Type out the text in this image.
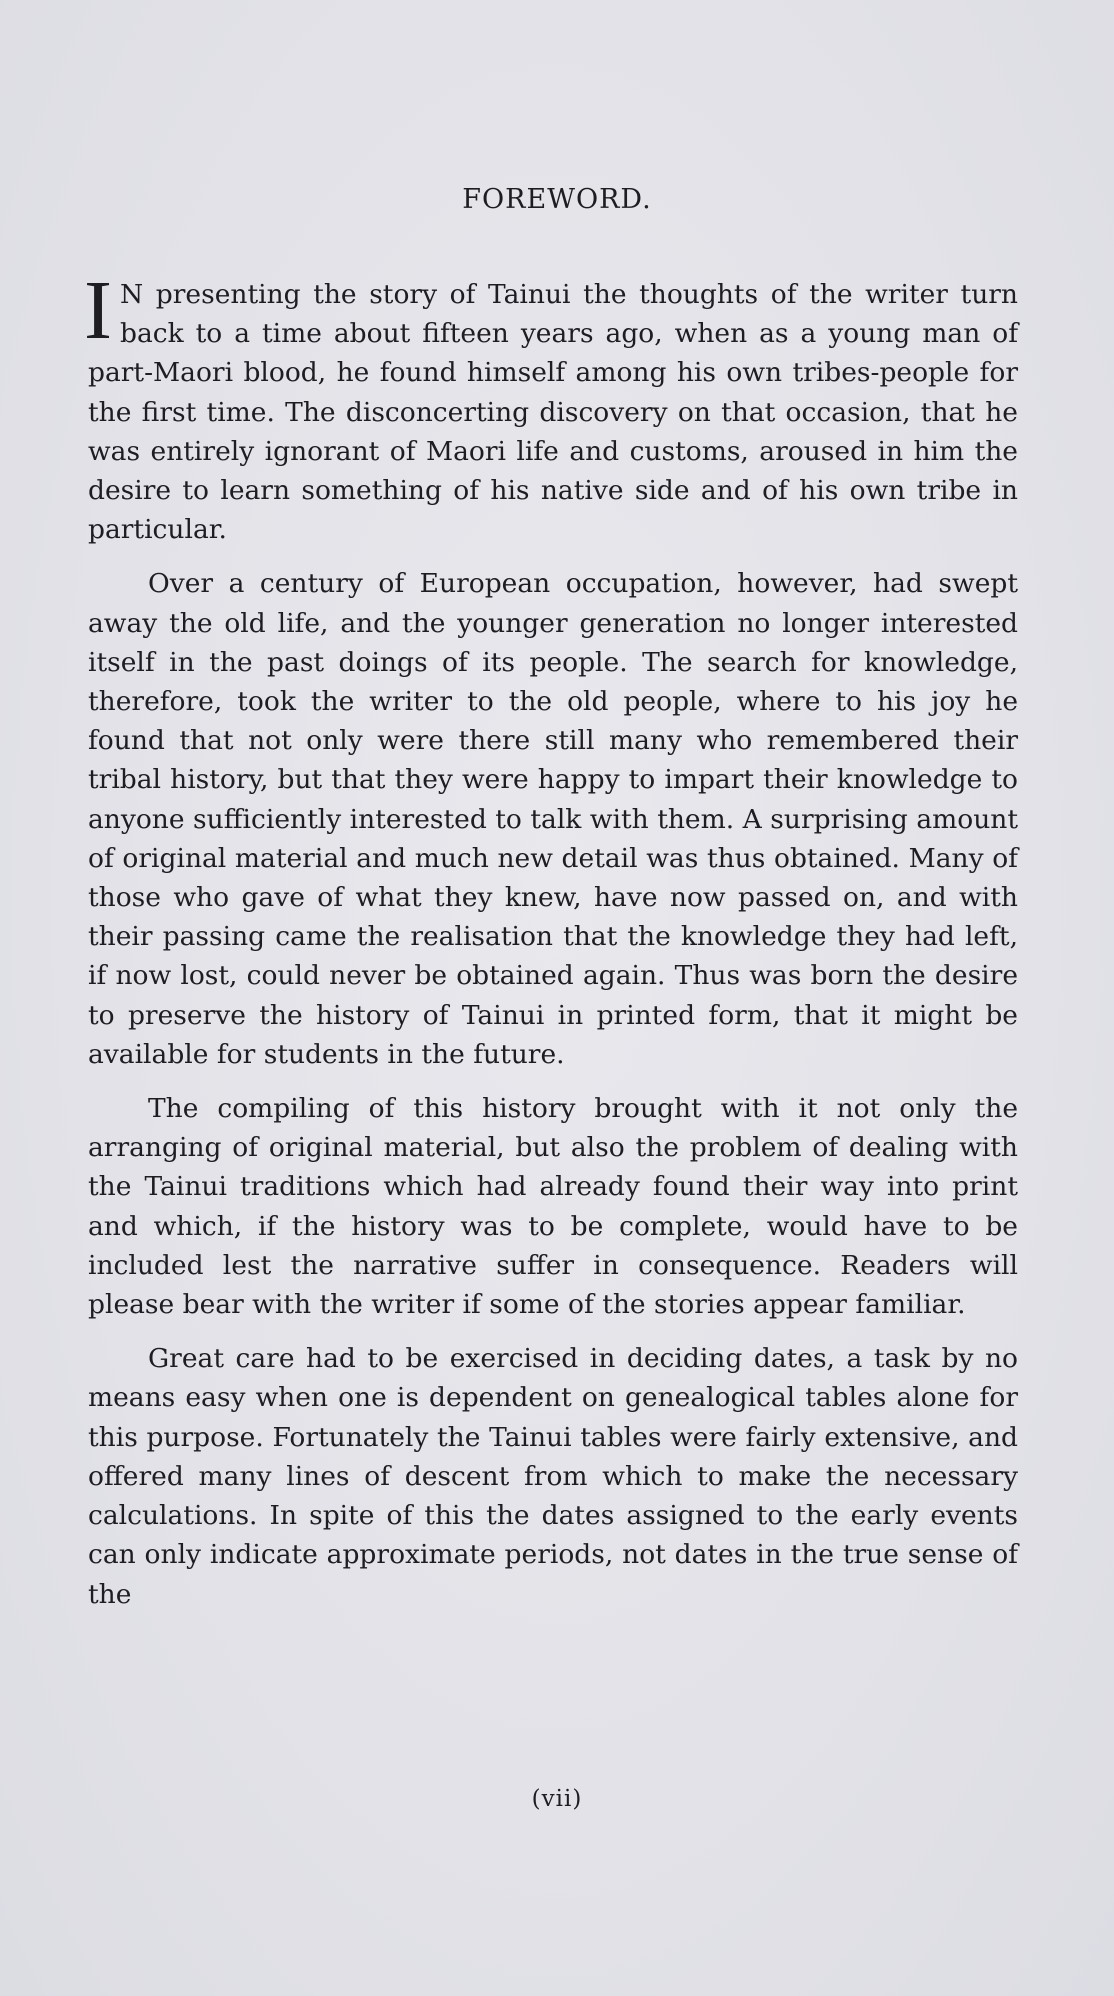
FOREWORD.

I N presenting the story of Tainui the thoughts of the writer turn back to a time about fifteen years ago, when as a young man of part-Maori blood, he found himself among his own tribes-people for the first time. The disconcerting discovery on that occasion, that he was entirely ignorant of Maori life and customs, aroused in him the desire to learn something of his native side and of his own tribe in particular.

Over a century of European occupation, however, had swept away the old life, and the younger generation no longer interested itself in the past doings of its people. The search for knowledge, therefore, took the writer to the old people, where to his joy he found that not only were there still many who remembered their tribal history, but that they were happy to impart their knowledge to anyone sufficiently interested to talk with them. A surprising amount of original material and much new detail was thus obtained. Many of those who gave of what they knew, have now passed on, and with their passing came the realisation that the knowledge they had left, if now lost, could never be obtained again. Thus was born the desire to preserve the history of Tainui in printed form, that it might be available for students in the future.

The compiling of this history brought with it not only the arranging of original material, but also the problem of dealing with the Tainui traditions which had already found their way into print and which, if the history was to be complete, would have to be included lest the narrative suffer in consequence. Readers will please bear with the writer if some of the stories appear familiar.

Great care had to be exercised in deciding dates, a task by no means easy when one is dependent on genealogical tables alone for this purpose. Fortunately the Tainui tables were fairly extensive, and offered many lines of descent from which to make the necessary calculations. In spite of this the dates assigned to the early events can only indicate approximate periods, not dates in the true sense of the

(vii)
